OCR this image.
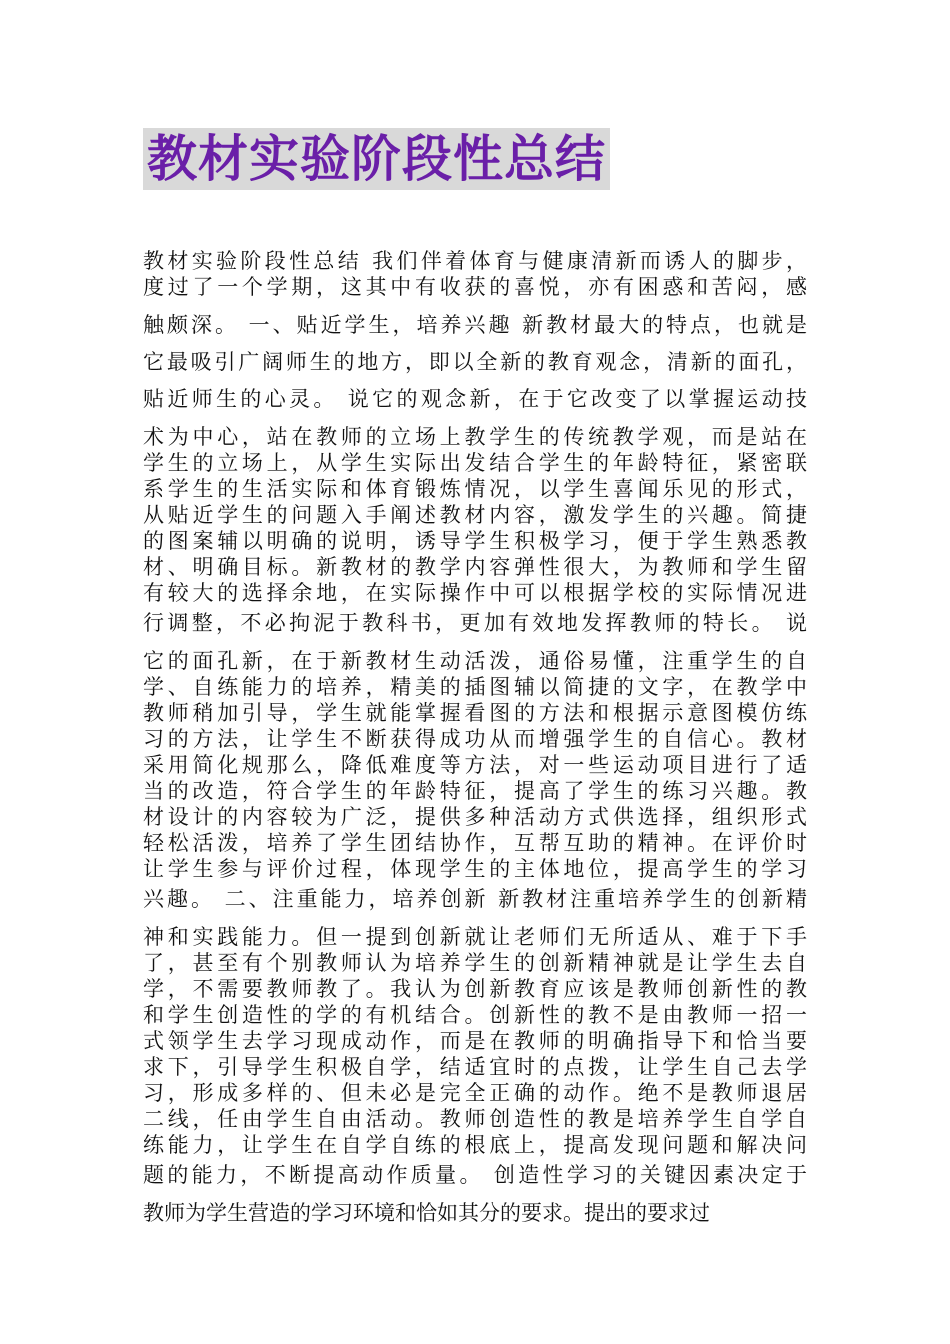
教材实验阶段性总结
教材实验阶段性总结 我们伴着体育与健康清新而诱人的脚步，
度过了一个学期，这其中有收获的喜悦，亦有困惑和苦闷，感
触颇深。 一、贴近学生，培养兴趣 新教材最大的特点，也就是
它最吸引广阔师生的地方，即以全新的教育观念，清新的面孔，
贴近师生的心灵。 说它的观念新，在于它改变了以掌握运动技
术为中心，站在教师的立场上教学生的传统教学观，而是站在
学生的立场上，从学生实际出发结合学生的年龄特征，紧密联
系学生的生活实际和体育锻炼情况，以学生喜闻乐见的形式，
从贴近学生的问题入手阐述教材内容，激发学生的兴趣。简捷
的图案辅以明确的说明，诱导学生积极学习，便于学生熟悉教
材、明确目标。新教材的教学内容弹性很大，为教师和学生留
有较大的选择余地，在实际操作中可以根据学校的实际情况进
行调整，不必拘泥于教科书，更加有效地发挥教师的特长。 说
它的面孔新，在于新教材生动活泼，通俗易懂，注重学生的自
学、自练能力的培养，精美的插图辅以简捷的文字，在教学中
教师稍加引导，学生就能掌握看图的方法和根据示意图模仿练
习的方法，让学生不断获得成功从而增强学生的自信心。教材
采用简化规那么，降低难度等方法，对一些运动项目进行了适
当的改造，符合学生的年龄特征，提高了学生的练习兴趣。教
材设计的内容较为广泛，提供多种活动方式供选择，组织形式
轻松活泼，培养了学生团结协作，互帮互助的精神。在评价时
让学生参与评价过程，体现学生的主体地位，提高学生的学习
兴趣。 二、注重能力，培养创新 新教材注重培养学生的创新精
神和实践能力。但一提到创新就让老师们无所适从、难于下手
了，甚至有个别教师认为培养学生的创新精神就是让学生去自
学，不需要教师教了。我认为创新教育应该是教师创新性的教
和学生创造性的学的有机结合。创新性的教不是由教师一招一
式领学生去学习现成动作，而是在教师的明确指导下和恰当要
求下，引导学生积极自学，结适宜时的点拨，让学生自己去学
习，形成多样的、但未必是完全正确的动作。绝不是教师退居
二线，任由学生自由活动。教师创造性的教是培养学生自学自
练能力，让学生在自学自练的根底上，提高发现问题和解决问
题的能力，不断提高动作质量。 创造性学习的关键因素决定于
教师为学生营造的学习环境和恰如其分的要求。提出的要求过
